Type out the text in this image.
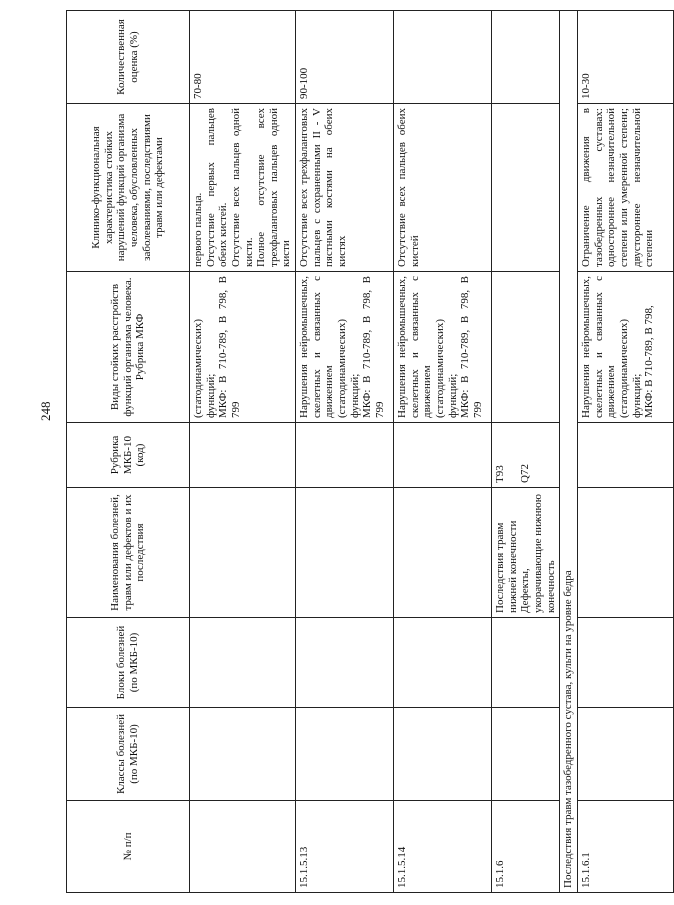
248
№ п/п	Классы болезней (по МКБ-10)	Блоки болезней (по МКБ-10)	Наименования болезней, травм или дефектов и их последствия	Рубрика МКБ-10 (код)	Виды стойких расстройств функций организма человека. Рубрика МКФ	Клинико-функциональная характеристика стойких нарушений функций организма человека, обусловленных заболеваниями, последствиями травм или дефектами	Количественная оценка (%)

					(статодинамических) функций; МКФ: В 710-789, В 798, В 799	первого пальца. Отсутствие первых пальцев обеих кистей. Отсутствие всех пальцев одной кисти. Полное отсутствие всех трехфаланговых пальцев одной кисти	70-80
15.1.5.13					Нарушения нейромышечных, скелетных и связанных с движением (статодинамических) функций; МКФ: В 710-789, В 798, В 799	Отсутствие всех трехфаланговых пальцев с сохраненными II - V пястными костями на обеих кистях	90-100
15.1.5.14					Нарушения нейромышечных, скелетных и связанных с движением (статодинамических) функций; МКФ: В 710-789, В 798, В 799	Отсутствие всех пальцев обеих кистей	
15.1.6			Последствия травм нижней конечности Дефекты, укорачивающие нижнюю конечность	Т93 Q72			

Последствия травм тазобедренного сустава, культи на уровне бедра							
15.1.6.1					Нарушения нейромышечных, скелетных и связанных с движением (статодинамических) функций; МКФ: В 710-789, В 798,	Ограничение движения в тазобедренных суставах: одностороннее незначительной степени или умеренной степени; двустороннее незначительной степени	10-30
